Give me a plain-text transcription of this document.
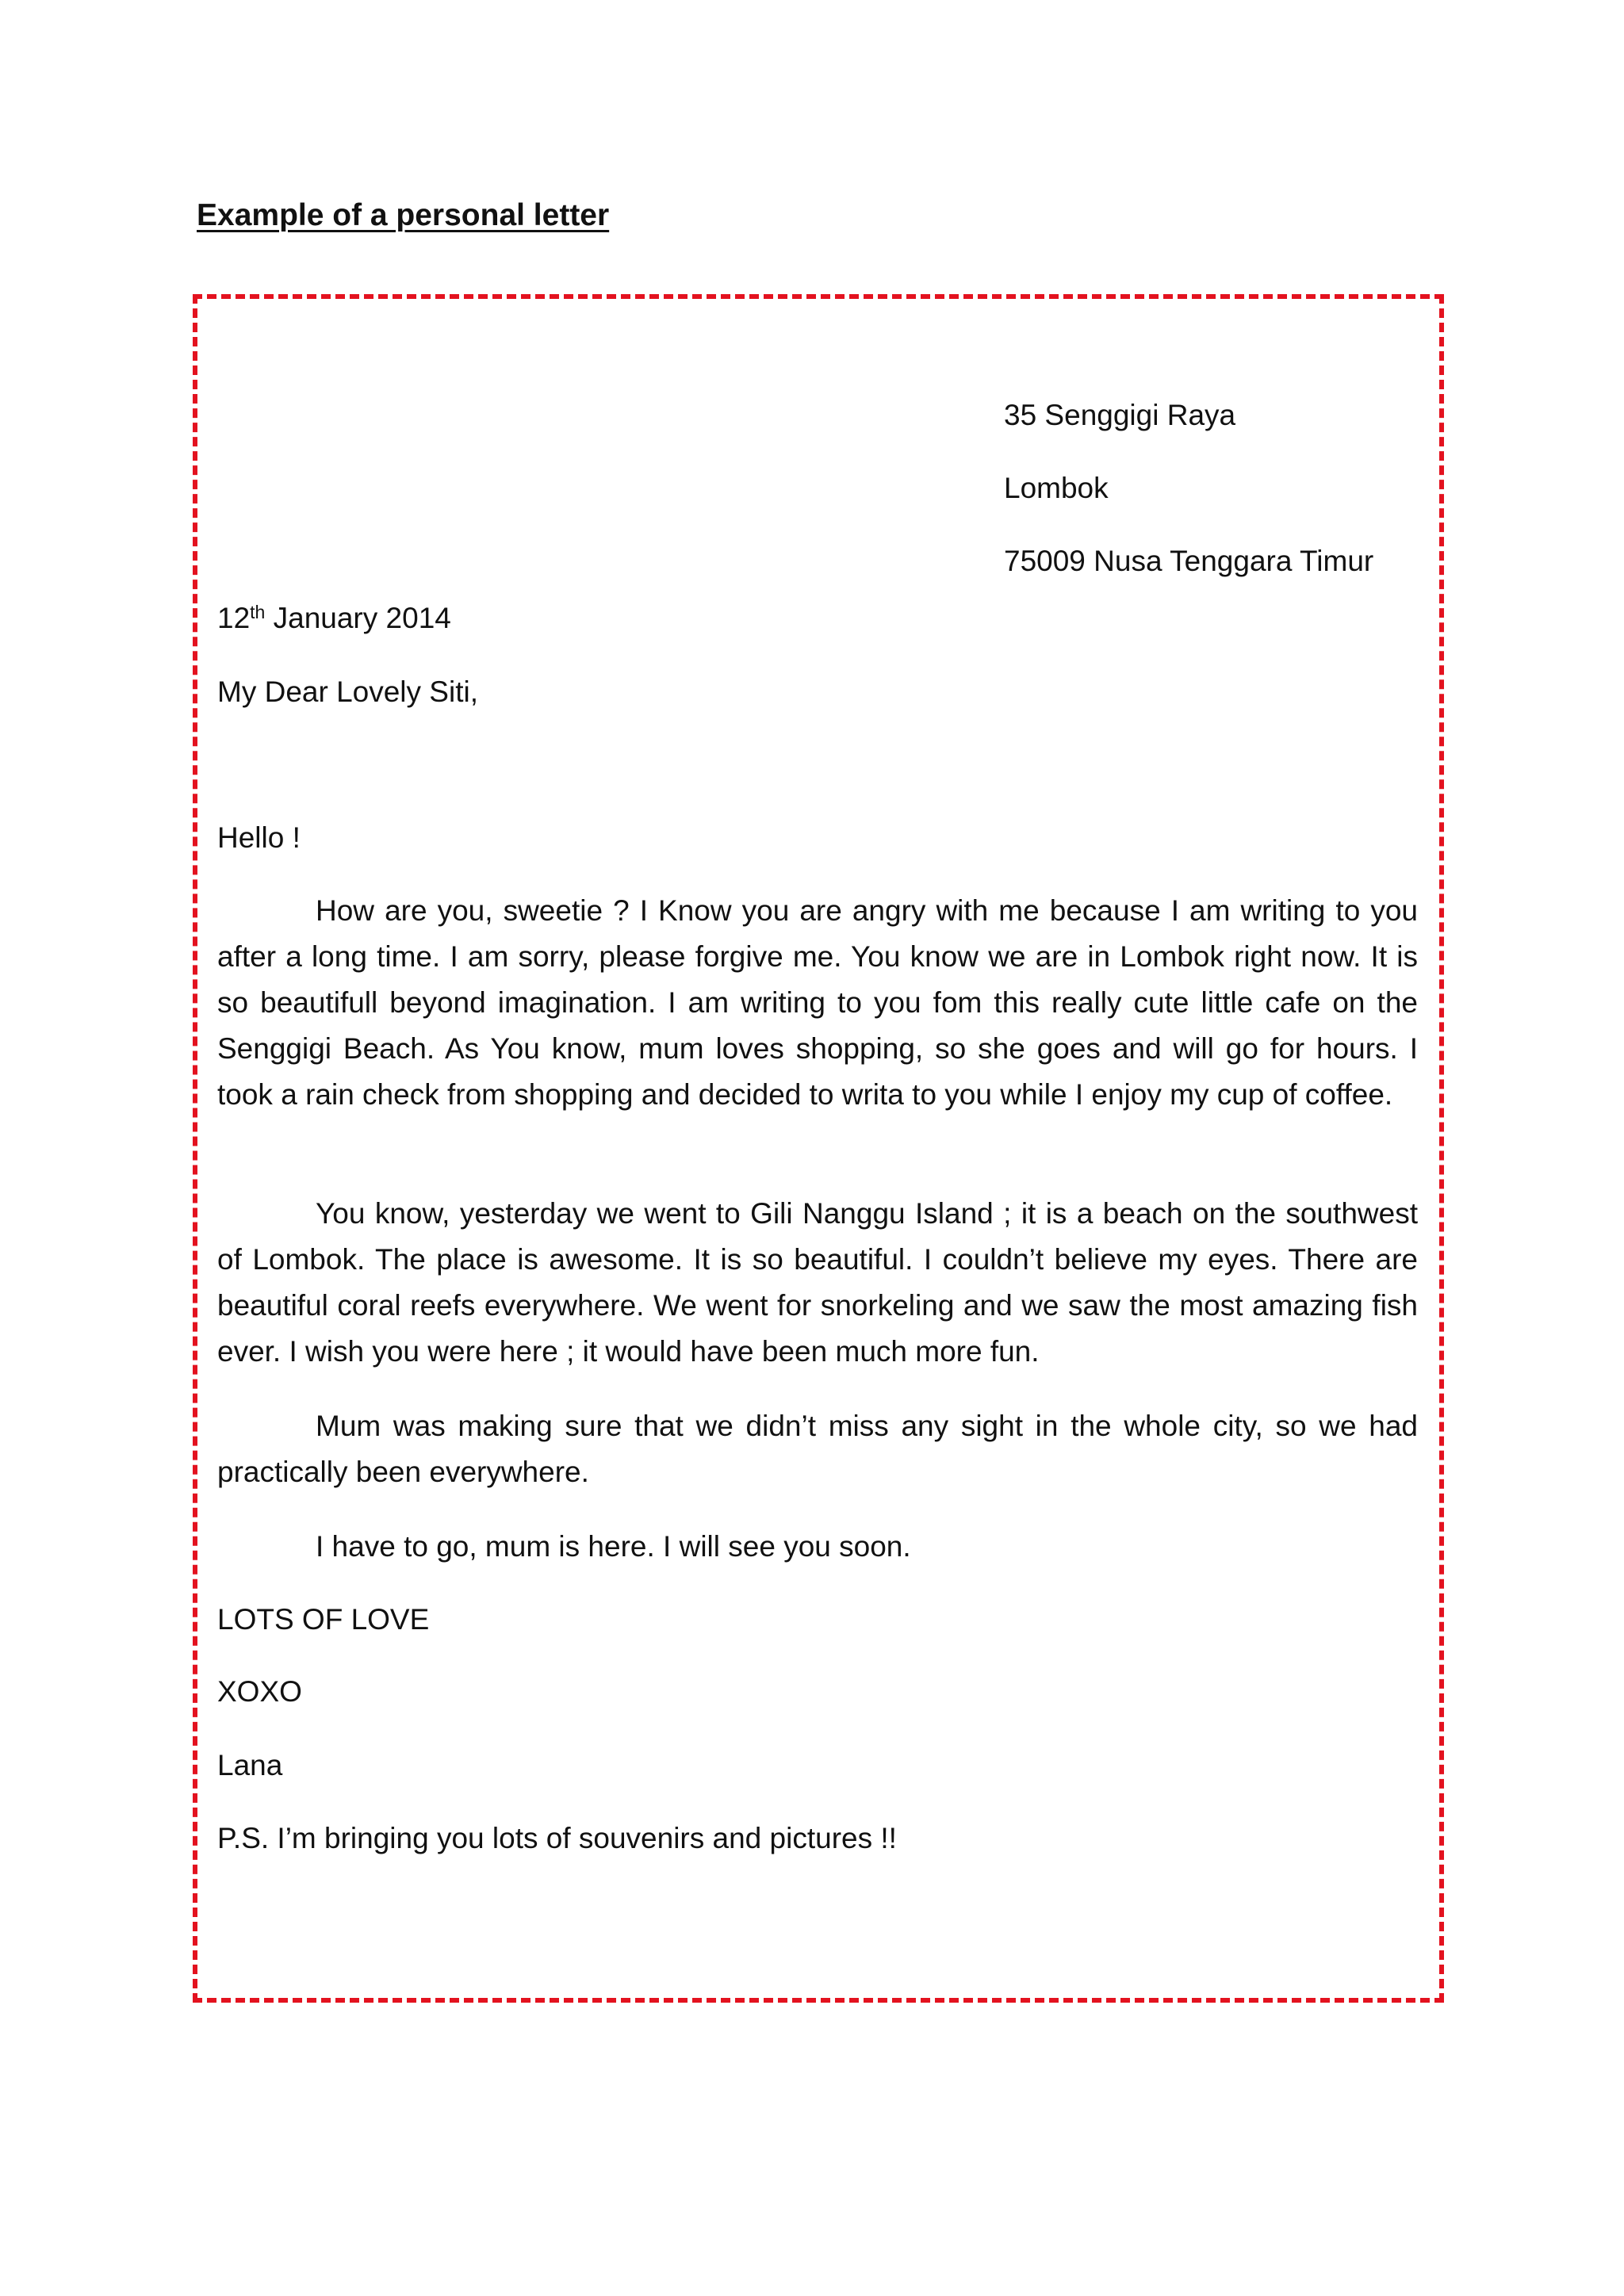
Example of a personal letter
35 Senggigi Raya
Lombok
75009 Nusa Tenggara Timur
12th January 2014
My Dear Lovely Siti,
Hello !
How are you, sweetie ? I Know you are angry with me because I am writing to you after a long time. I am sorry, please forgive me. You know we are in Lombok right now. It is so beautifull beyond imagination. I am writing to you fom this really cute little cafe on the Senggigi Beach. As You know, mum loves shopping, so she goes and will go for hours. I took a rain check from shopping and decided to writa to you while I enjoy my cup of coffee.
You know, yesterday we went to Gili Nanggu Island ; it is a beach on the southwest of Lombok. The place is awesome. It is so beautiful. I couldn’t believe my eyes. There are beautiful coral reefs everywhere. We went for snorkeling and we saw the most amazing fish ever. I wish you were here ; it would have been much more fun.
Mum was making sure that we didn’t miss any sight in the whole city, so we had practically been everywhere.
I have to go, mum is here. I will see you soon.
LOTS OF LOVE
XOXO
Lana
P.S. I’m bringing you lots of souvenirs and pictures !!
